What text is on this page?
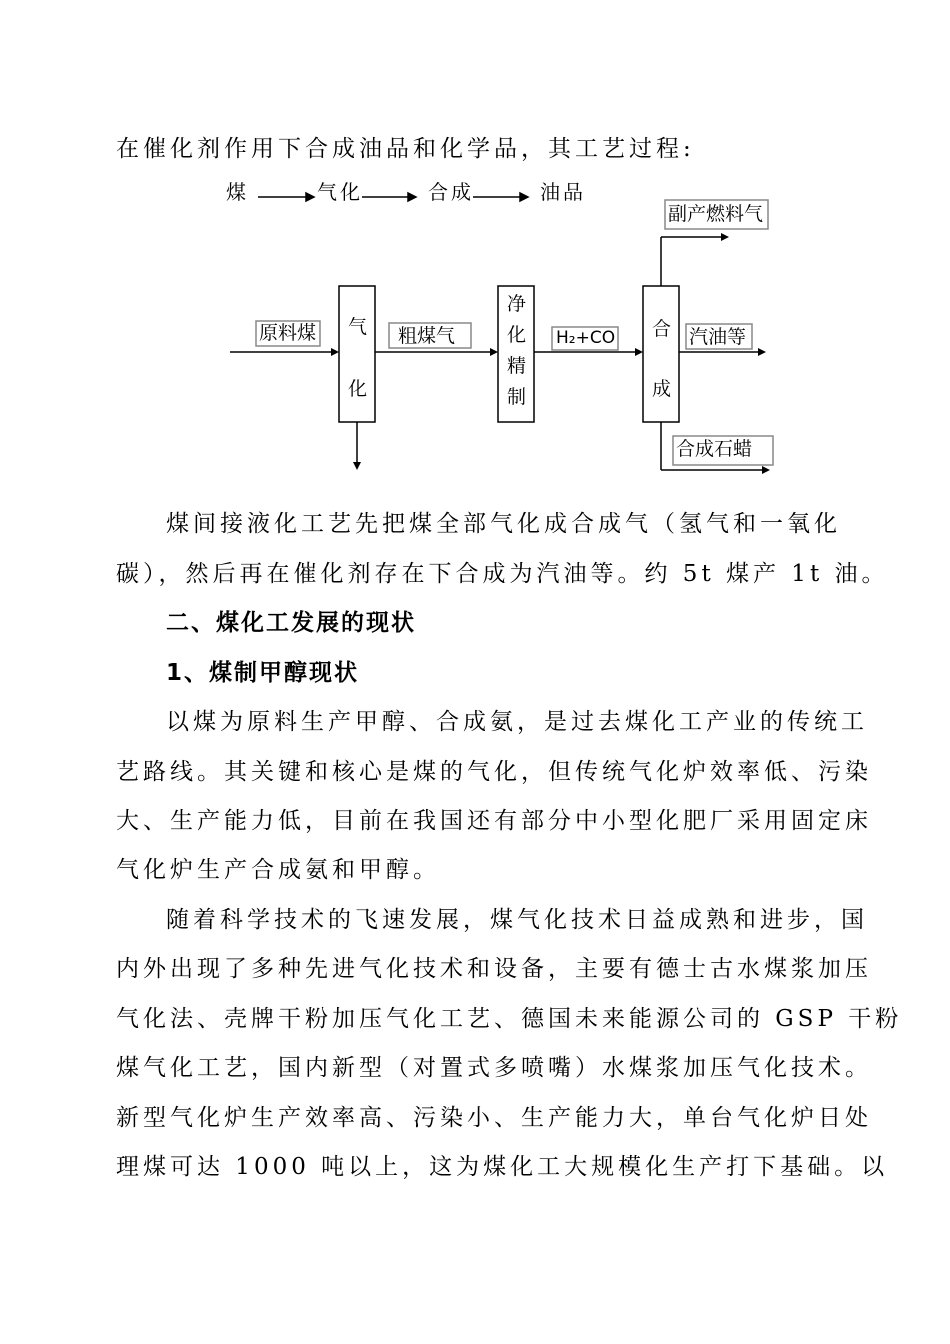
在催化剂作用下合成油品和化学品，其工艺过程:
煤	气化	合成	油品
原料煤	粗煤气	H₂+CO
副产燃料气
汽油等
合成石蜡
气
化
净
化
精
制
合
成
煤间接液化工艺先把煤全部气化成合成气（氢气和一氧化
碳），然后再在催化剂存在下合成为汽油等。约 5t 煤产 1t 油。
二、煤化工发展的现状
1、煤制甲醇现状
以煤为原料生产甲醇、合成氨，是过去煤化工产业的传统工
艺路线。其关键和核心是煤的气化，但传统气化炉效率低、污染
大、生产能力低，目前在我国还有部分中小型化肥厂采用固定床
气化炉生产合成氨和甲醇。
随着科学技术的飞速发展，煤气化技术日益成熟和进步，国
内外出现了多种先进气化技术和设备，主要有德士古水煤浆加压
气化法、壳牌干粉加压气化工艺、德国未来能源公司的 GSP 干粉
煤气化工艺，国内新型（对置式多喷嘴）水煤浆加压气化技术。
新型气化炉生产效率高、污染小、生产能力大，单台气化炉日处
理煤可达 1000 吨以上，这为煤化工大规模化生产打下基础。以
